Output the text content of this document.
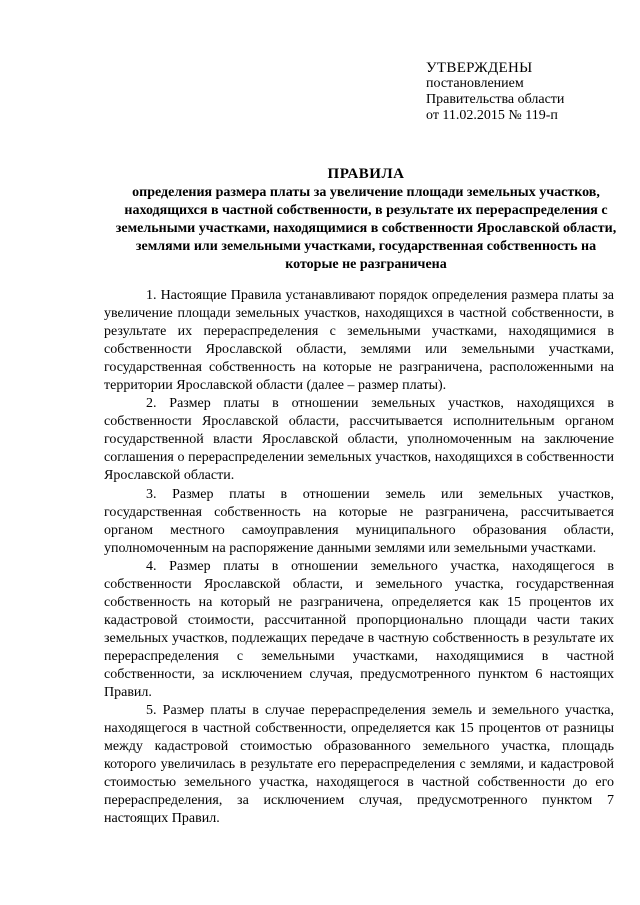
УТВЕРЖДЕНЫ
постановлением
Правительства области
от 11.02.2015 № 119-п
ПРАВИЛА
определения размера платы за увеличение площади земельных участков, находящихся в частной собственности, в результате их перераспределения с земельными участками, находящимися в собственности Ярославской области, землями или земельными участками, государственная собственность на которые не разграничена

1. Настоящие Правила устанавливают порядок определения размера платы за увеличение площади земельных участков, находящихся в частной собственности, в результате их перераспределения с земельными участками, находящимися в собственности Ярославской области, землями или земельными участками, государственная собственность на которые не разграничена, расположенными на территории Ярославской области (далее – размер платы).

2. Размер платы в отношении земельных участков, находящихся в собственности Ярославской области, рассчитывается исполнительным органом государственной власти Ярославской области, уполномоченным на заключение соглашения о перераспределении земельных участков, находящихся в собственности Ярославской области.

3. Размер платы в отношении земель или земельных участков, государственная собственность на которые не разграничена, рассчитывается органом местного самоуправления муниципального образования области, уполномоченным на распоряжение данными землями или земельными участками.

4. Размер платы в отношении земельного участка, находящегося в собственности Ярославской области, и земельного участка, государственная собственность на который не разграничена, определяется как 15 процентов их кадастровой стоимости, рассчитанной пропорционально площади части таких земельных участков, подлежащих передаче в частную собственность в результате их перераспределения с земельными участками, находящимися в частной собственности, за исключением случая, предусмотренного пунктом 6 настоящих Правил.

5. Размер платы в случае перераспределения земель и земельного участка, находящегося в частной собственности, определяется как 15 процентов от разницы между кадастровой стоимостью образованного земельного участка, площадь которого увеличилась в результате его перераспределения с землями, и кадастровой стоимостью земельного участка, находящегося в частной собственности до его перераспределения, за исключением случая, предусмотренного пунктом 7 настоящих Правил.
